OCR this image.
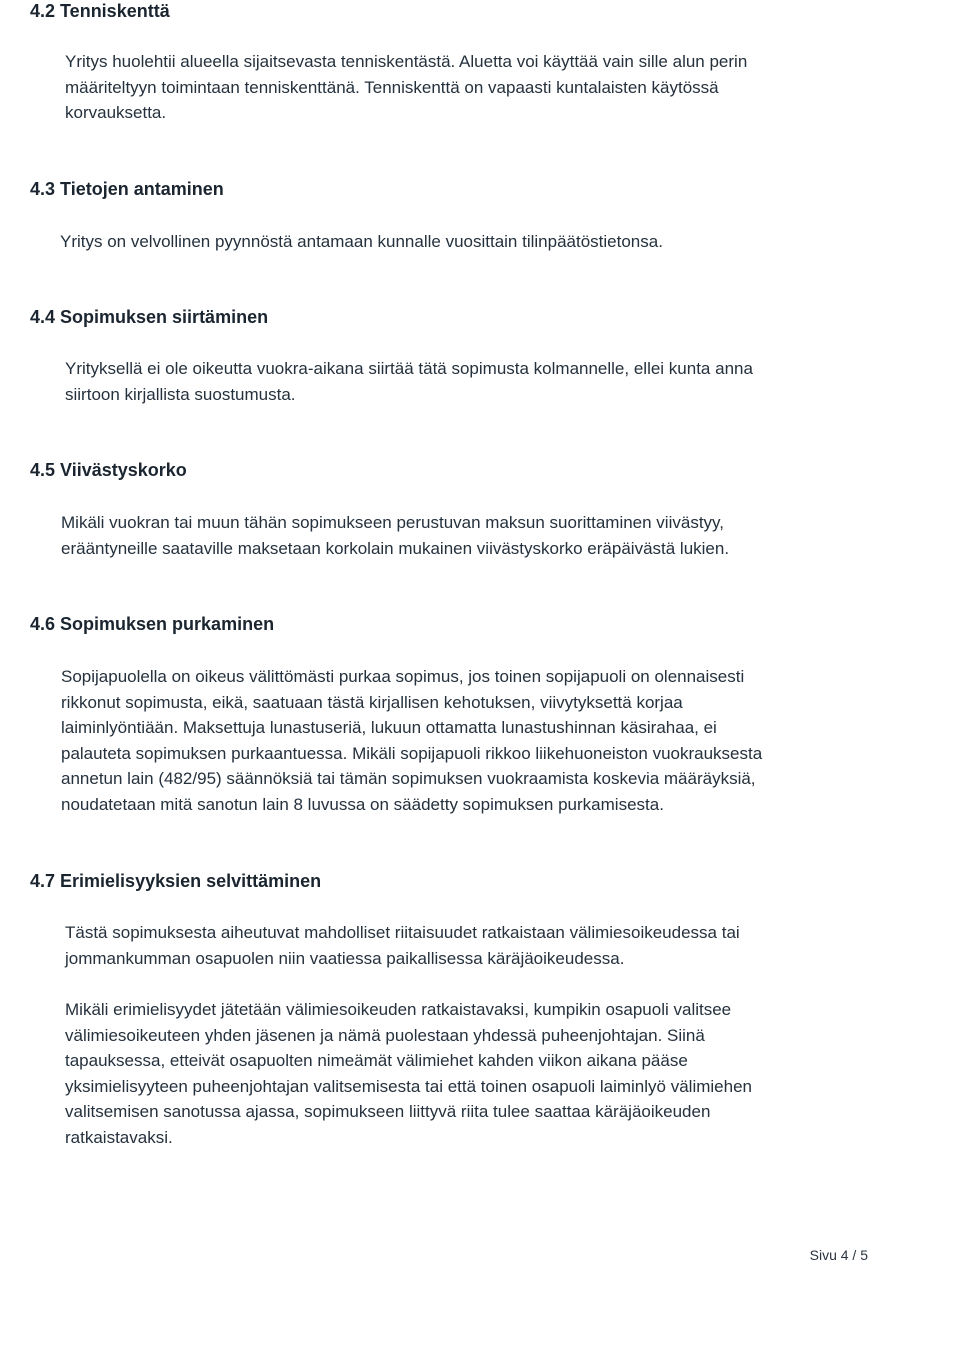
4.2 Tenniskenttä

Yritys huolehtii alueella sijaitsevasta tenniskentästä. Aluetta voi käyttää vain sille alun perin
määriteltyyn toimintaan tenniskenttänä. Tenniskenttä on vapaasti kuntalaisten käytössä
korvauksetta.

4.3 Tietojen antaminen

Yritys on velvollinen pyynnöstä antamaan kunnalle vuosittain tilinpäätöstietonsa.

4.4 Sopimuksen siirtäminen

Yrityksellä ei ole oikeutta vuokra-aikana siirtää tätä sopimusta kolmannelle, ellei kunta anna
siirtoon kirjallista suostumusta.

4.5 Viivästyskorko

Mikäli vuokran tai muun tähän sopimukseen perustuvan maksun suorittaminen viivästyy,
erääntyneille saataville maksetaan korkolain mukainen viivästyskorko eräpäivästä lukien.

4.6 Sopimuksen purkaminen

Sopijapuolella on oikeus välittömästi purkaa sopimus, jos toinen sopijapuoli on olennaisesti
rikkonut sopimusta, eikä, saatuaan tästä kirjallisen kehotuksen, viivytyksettä korjaa
laiminlyöntiään. Maksettuja lunastuseriä, lukuun ottamatta lunastushinnan käsirahaa, ei
palauteta sopimuksen purkaantuessa. Mikäli sopijapuoli rikkoo liikehuoneiston vuokrauksesta
annetun lain (482/95) säännöksiä tai tämän sopimuksen vuokraamista koskevia määräyksiä,
noudatetaan mitä sanotun lain 8 luvussa on säädetty sopimuksen purkamisesta.

4.7 Erimielisyyksien selvittäminen

Tästä sopimuksesta aiheutuvat mahdolliset riitaisuudet ratkaistaan välimiesoikeudessa tai
jommankumman osapuolen niin vaatiessa paikallisessa käräjäoikeudessa.

Mikäli erimielisyydet jätetään välimiesoikeuden ratkaistavaksi, kumpikin osapuoli valitsee
välimiesoikeuteen yhden jäsenen ja nämä puolestaan yhdessä puheenjohtajan. Siinä
tapauksessa, etteivät osapuolten nimeämät välimiehet kahden viikon aikana pääse
yksimielisyyteen puheenjohtajan valitsemisesta tai että toinen osapuoli laiminlyö välimiehen
valitsemisen sanotussa ajassa, sopimukseen liittyvä riita tulee saattaa käräjäoikeuden
ratkaistavaksi.

Sivu 4 / 5
